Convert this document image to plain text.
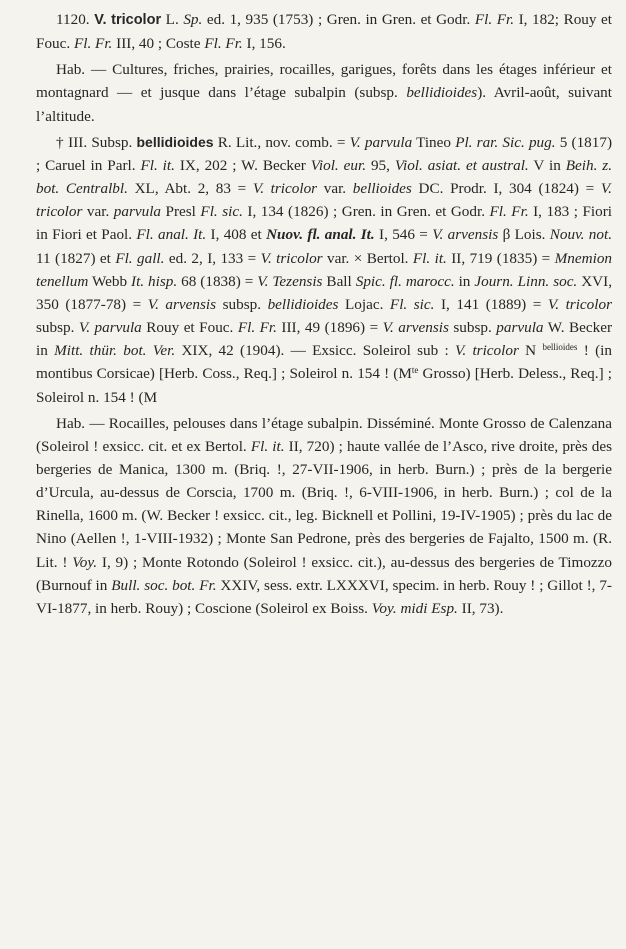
1120. V. tricolor L. Sp. ed. 1, 935 (1753) ; Gren. in Gren. et Godr. Fl. Fr. I, 182; Rouy et Fouc. Fl. Fr. III, 40 ; Coste Fl. Fr. I, 156.

Hab. — Cultures, friches, prairies, rocailles, garigues, forêts dans les étages inférieur et montagnard — et jusque dans l’étage subalpin (subsp. bellidioides). Avril-août, suivant l’altitude.

† III. Subsp. bellidioides R. Lit., nov. comb. = V. parvula Tineo Pl. rar. Sic. pug. 5 (1817) ; Caruel in Parl. Fl. it. IX, 202 ; W. Becker Viol. eur. 95, Viol. asiat. et austral. V in Beih. z. bot. Centralbl. XL, Abt. 2, 83 = V. tricolor var. bellioides DC. Prodr. I, 304 (1824) = V. tricolor var. parvula Presl Fl. sic. I, 134 (1826) ; Gren. in Gren. et Godr. Fl. Fr. I, 183 ; Fiori in Fiori et Paol. Fl. anal. It. I, 408 et Nuov. fl. anal. It. I, 546 = V. arvensis β Lois. Nouv. not. 11 (1827) et Fl. gall. ed. 2, I, 133 = V. tricolor var. × Bertol. Fl. it. II, 719 (1835) = Mnemion tenellum Webb It. hisp. 68 (1838) = V. Tezensis Ball Spic. fl. marocc. in Journ. Linn. soc. XVI, 350 (1877-78) = V. arvensis subsp. bellidioides Lojac. Fl. sic. I, 141 (1889) = V. tricolor subsp. V. parvula Rouy et Fouc. Fl. Fr. III, 49 (1896) = V. arvensis subsp. parvula W. Becker in Mitt. thür. bot. Ver. XIX, 42 (1904). — Exsicc. Soleirol sub : V. tricolor N $^{bellioides}$ ! (in montibus Corsicae) [Herb. Coss., Req.] ; Soleirol n. 154 ! ($M^{te}$ Grosso) [Herb. Deless., Req.] ; Soleirol n. 154 ! (M

Hab. — Rocailles, pelouses dans l’étage subalpin. Disséminé. Monte Grosso de Calenzana (Soleirol ! exsicc. cit. et ex Bertol. Fl. it. II, 720) ; haute vallée de l’Asco, rive droite, près des bergeries de Manica, 1300 m. (Briq. !, 27-VII-1906, in herb. Burn.) ; près de la bergerie d’Urcula, au-dessus de Corscia, 1700 m. (Briq. !, 6-VIII-1906, in herb. Burn.) ; col de la Rinella, 1600 m. (W. Becker ! exsicc. cit., leg. Bicknell et Pollini, 19-IV-1905) ; près du lac de Nino (Aellen !, 1-VIII-1932) ; Monte San Pedrone, près des bergeries de Fajalto, 1500 m. (R. Lit. ! Voy. I, 9) ; Monte Rotondo (Soleirol ! exsicc. cit.), au-dessus des bergeries de Timozzo (Burnouf in Bull. soc. bot. Fr. XXIV, sess. extr. LXXXVI, specim. in herb. Rouy ! ; Gillot !, 7-VI-1877, in herb. Rouy) ; Coscione (Soleirol ex Boiss. Voy. midi Esp. II, 73).
